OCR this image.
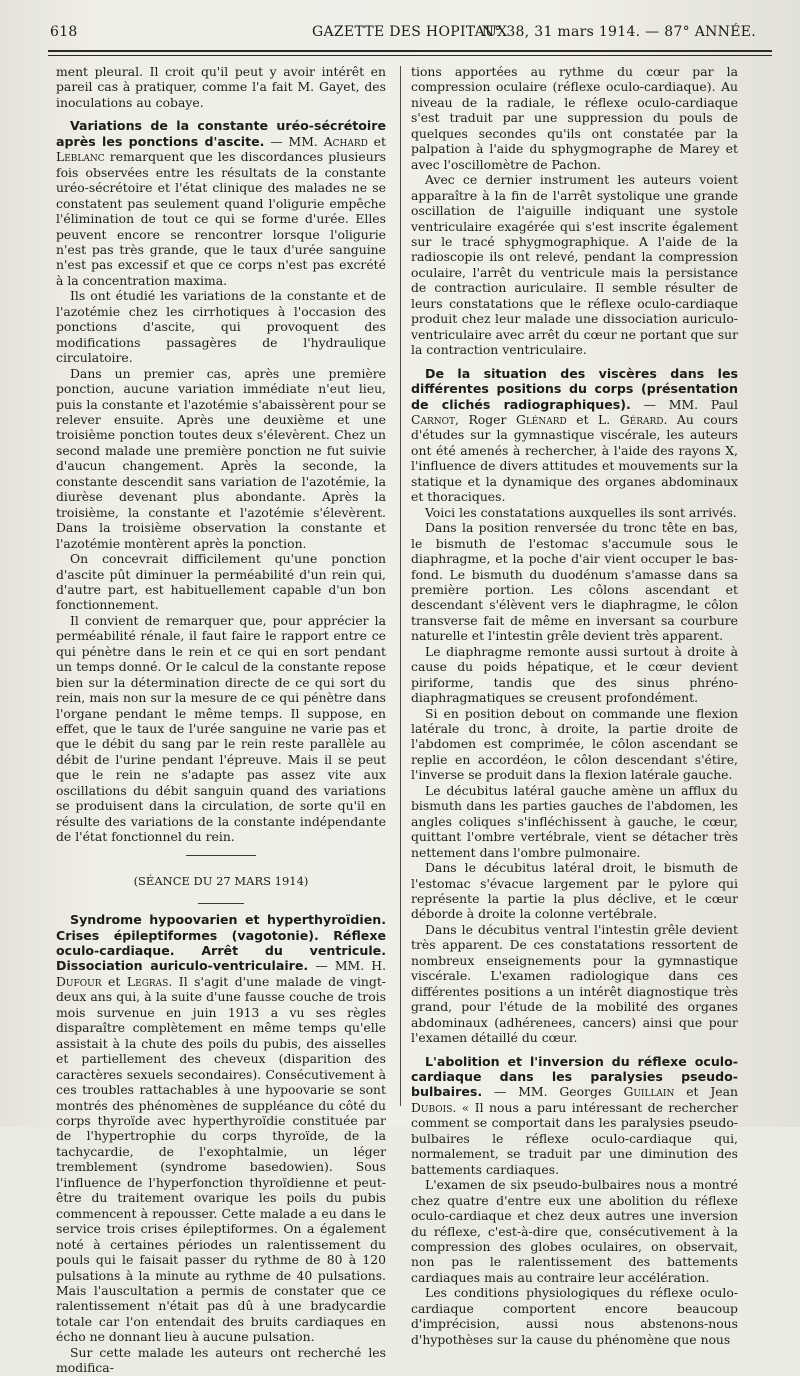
618	GAZETTE DES HOPITAUX
N° 38, 31 mars 1914. — 87° ANNÉE.

ment pleural. Il croit qu'il peut y avoir intérêt en pareil cas à pratiquer, comme l'a fait M. Gayet, des inoculations au cobaye.

Variations de la constante uréo-sécrétoire après les ponctions d'ascite. — MM. Achard et Leblanc remarquent que les discordances plusieurs fois observées entre les résultats de la constante uréo-sécrétoire et l'état clinique des malades ne se constatent pas seulement quand l'oligurie empêche l'élimination de tout ce qui se forme d'urée. Elles peuvent encore se rencontrer lorsque l'oligurie n'est pas très grande, que le taux d'urée sanguine n'est pas excessif et que ce corps n'est pas excrété à la concentration maxima.

Ils ont étudié les variations de la constante et de l'azotémie chez les cirrhotiques à l'occasion des ponctions d'ascite, qui provoquent des modifications passagères de l'hydraulique circulatoire.

Dans un premier cas, après une première ponction, aucune variation immédiate n'eut lieu, puis la constante et l'azotémie s'abaissèrent pour se relever ensuite. Après une deuxième et une troisième ponction toutes deux s'élevèrent. Chez un second malade une première ponction ne fut suivie d'aucun changement. Après la seconde, la constante descendit sans variation de l'azotémie, la diurèse devenant plus abondante. Après la troisième, la constante et l'azotémie s'élevèrent. Dans la troisième observation la constante et l'azotémie montèrent après la ponction.

On concevrait difficilement qu'une ponction d'ascite pût diminuer la perméabilité d'un rein qui, d'autre part, est habituellement capable d'un bon fonctionnement.

Il convient de remarquer que, pour apprécier la perméabilité rénale, il faut faire le rapport entre ce qui pénètre dans le rein et ce qui en sort pendant un temps donné. Or le calcul de la constante repose bien sur la détermination directe de ce qui sort du rein, mais non sur la mesure de ce qui pénètre dans l'organe pendant le même temps. Il suppose, en effet, que le taux de l'urée sanguine ne varie pas et que le débit du sang par le rein reste parallèle au débit de l'urine pendant l'épreuve. Mais il se peut que le rein ne s'adapte pas assez vite aux oscillations du débit sanguin quand des variations se produisent dans la circulation, de sorte qu'il en résulte des variations de la constante indépendante de l'état fonctionnel du rein.

(SÉANCE DU 27 MARS 1914)

Syndrome hypoovarien et hyperthyroïdien. Crises épileptiformes (vagotonie). Réflexe oculo-cardiaque. Arrêt du ventricule. Dissociation auriculo-ventriculaire. — MM. H. Dufour et Legras. Il s'agit d'une malade de vingt-deux ans qui, à la suite d'une fausse couche de trois mois survenue en juin 1913 a vu ses règles disparaître complètement en même temps qu'elle assistait à la chute des poils du pubis, des aisselles et partiellement des cheveux (disparition des caractères sexuels secondaires). Consécutivement à ces troubles rattachables à une hypoovarie se sont montrés des phénomènes de suppléance du côté du corps thyroïde avec hyperthyroïdie constituée par de l'hypertrophie du corps thyroïde, de la tachycardie, de l'exophtalmie, un léger tremblement (syndrome basedowien). Sous l'influence de l'hyperfonction thyroïdienne et peut-être du traitement ovarique les poils du pubis commencent à repousser. Cette malade a eu dans le service trois crises épileptiformes. On a également noté à certaines périodes un ralentissement du pouls qui le faisait passer du rythme de 80 à 120 pulsations à la minute au rythme de 40 pulsations. Mais l'auscultation a permis de constater que ce ralentissement n'était pas dû à une bradycardie totale car l'on entendait des bruits cardiaques en écho ne donnant lieu à aucune pulsation.

Sur cette malade les auteurs ont recherché les modifica-

tions apportées au rythme du cœur par la compression oculaire (réflexe oculo-cardiaque). Au niveau de la radiale, le réflexe oculo-cardiaque s'est traduit par une suppression du pouls de quelques secondes qu'ils ont constatée par la palpation à l'aide du sphygmographe de Marey et avec l'oscillomètre de Pachon.

Avec ce dernier instrument les auteurs voient apparaître à la fin de l'arrêt systolique une grande oscillation de l'aiguille indiquant une systole ventriculaire exagérée qui s'est inscrite également sur le tracé sphygmographique. A l'aide de la radioscopie ils ont relevé, pendant la compression oculaire, l'arrêt du ventricule mais la persistance de contraction auriculaire. Il semble résulter de leurs constatations que le réflexe oculo-cardiaque produit chez leur malade une dissociation auriculo-ventriculaire avec arrêt du cœur ne portant que sur la contraction ventriculaire.

De la situation des viscères dans les différentes positions du corps (présentation de clichés radiographiques). — MM. Paul Carnot, Roger Glénard et L. Gérard. Au cours d'études sur la gymnastique viscérale, les auteurs ont été amenés à rechercher, à l'aide des rayons X, l'influence de divers attitudes et mouvements sur la statique et la dynamique des organes abdominaux et thoraciques.

Voici les constatations auxquelles ils sont arrivés.

Dans la position renversée du tronc tête en bas, le bismuth de l'estomac s'accumule sous le diaphragme, et la poche d'air vient occuper le bas-fond. Le bismuth du duodénum s'amasse dans sa première portion. Les côlons ascendant et descendant s'élèvent vers le diaphragme, le côlon transverse fait de même en inversant sa courbure naturelle et l'intestin grêle devient très apparent.

Le diaphragme remonte aussi surtout à droite à cause du poids hépatique, et le cœur devient piriforme, tandis que des sinus phréno-diaphragmatiques se creusent profondément.

Si en position debout on commande une flexion latérale du tronc, à droite, la partie droite de l'abdomen est comprimée, le côlon ascendant se replie en accordéon, le côlon descendant s'étire, l'inverse se produit dans la flexion latérale gauche.

Le décubitus latéral gauche amène un afflux du bismuth dans les parties gauches de l'abdomen, les angles coliques s'infléchissent à gauche, le cœur, quittant l'ombre vertébrale, vient se détacher très nettement dans l'ombre pulmonaire.

Dans le décubitus latéral droit, le bismuth de l'estomac s'évacue largement par le pylore qui représente la partie la plus déclive, et le cœur déborde à droite la colonne vertébrale.

Dans le décubitus ventral l'intestin grêle devient très apparent. De ces constatations ressortent de nombreux enseignements pour la gymnastique viscérale. L'examen radiologique dans ces différentes positions a un intérêt diagnostique très grand, pour l'étude de la mobilité des organes abdominaux (adhérenees, cancers) ainsi que pour l'examen détaillé du cœur.

L'abolition et l'inversion du réflexe oculo-cardiaque dans les paralysies pseudo-bulbaires. — MM. Georges Guillain et Jean Dubois. « Il nous a paru intéressant de rechercher comment se comportait dans les paralysies pseudo-bulbaires le réflexe oculo-cardiaque qui, normalement, se traduit par une diminution des battements cardiaques.

L'examen de six pseudo-bulbaires nous a montré chez quatre d'entre eux une abolition du réflexe oculo-cardiaque et chez deux autres une inversion du réflexe, c'est-à-dire que, consécutivement à la compression des globes oculaires, on observait, non pas le ralentissement des battements cardiaques mais au contraire leur accélération.

Les conditions physiologiques du réflexe oculo-cardiaque comportent encore beaucoup d'imprécision, aussi nous abstenons-nous d'hypothèses sur la cause du phénomène que nous
